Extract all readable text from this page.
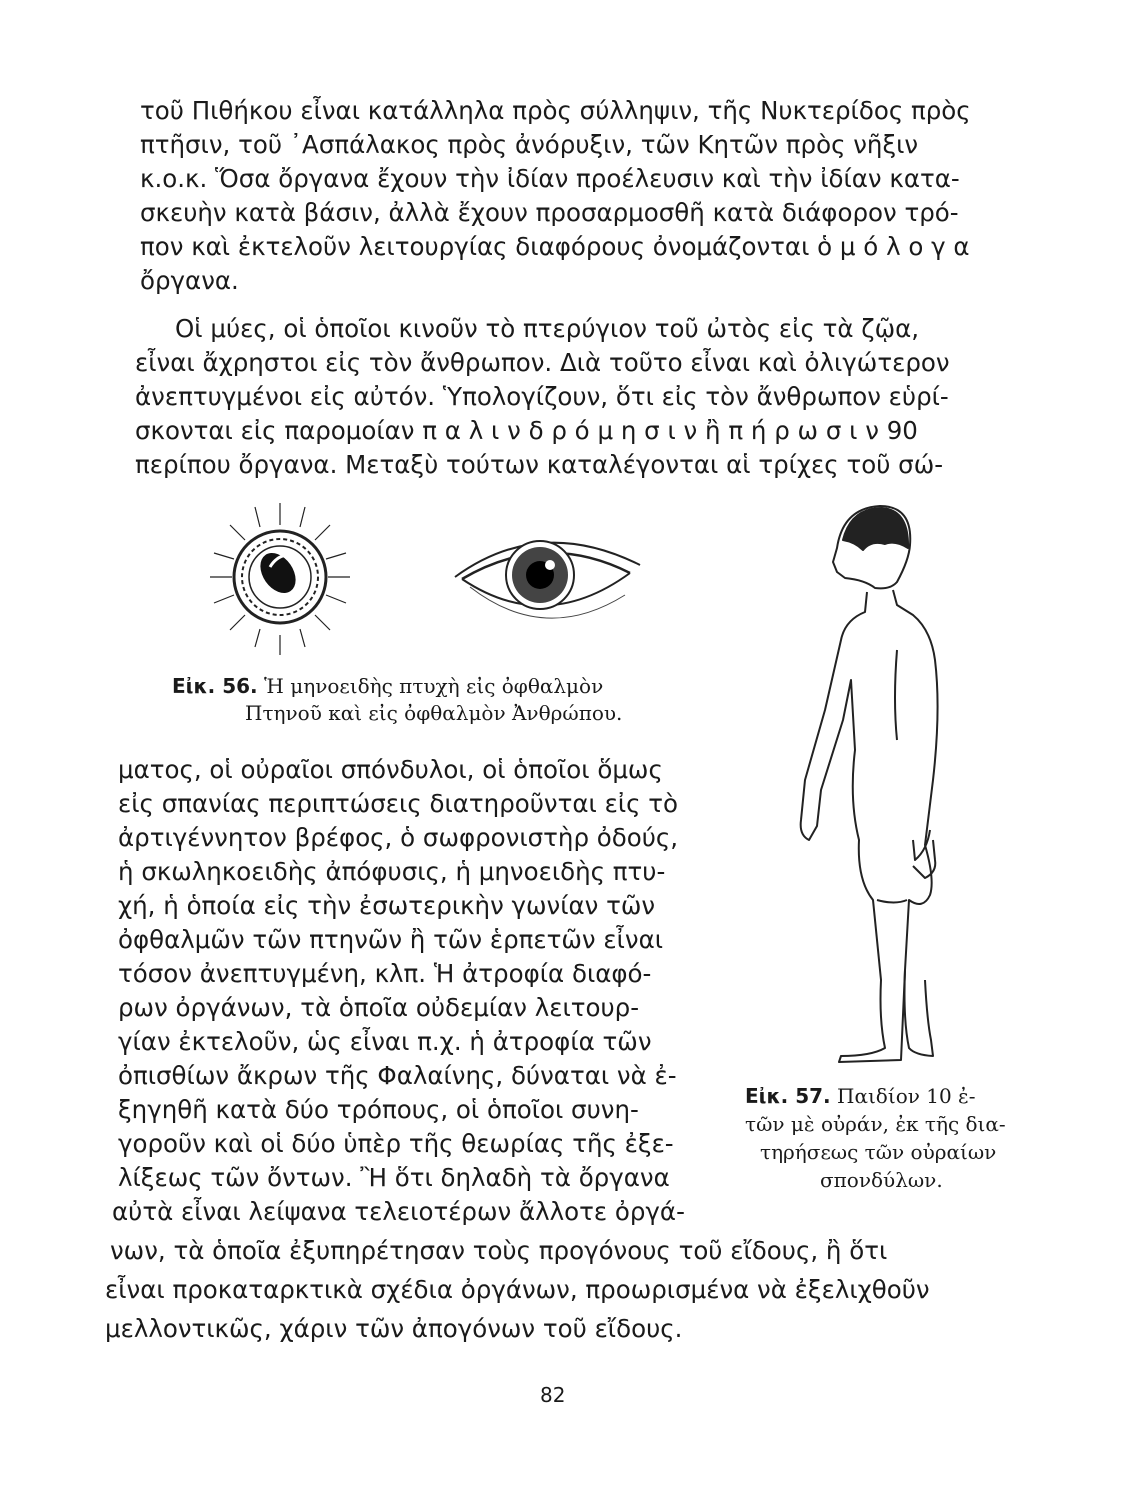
τοῦ Πιθήκου εἶναι κατάλληλα πρὸς σύλληψιν, τῆς Νυκτερίδος πρὸς
πτῆσιν, τοῦ ᾿Ασπάλακος πρὸς ἀνόρυξιν, τῶν Κητῶν πρὸς νῆξιν
κ.ο.κ. Ὅσα ὄργανα ἔχουν τὴν ἰδίαν προέλευσιν καὶ τὴν ἰδίαν κατα-
σκευὴν κατὰ βάσιν, ἀλλὰ ἔχουν προσαρμοσθῆ κατὰ διάφορον τρό-
πον καὶ ἐκτελοῦν λειτουργίας διαφόρους ὀνομάζονται ὁ μ ό λ ο γ α
ὄργανα.
Οἱ μύες, οἱ ὁποῖοι κινοῦν τὸ πτερύγιον τοῦ ὠτὸς εἰς τὰ ζῷα,
εἶναι ἄχρηστοι εἰς τὸν ἄνθρωπον. Διὰ τοῦτο εἶναι καὶ ὀλιγώτερον
ἀνεπτυγμένοι εἰς αὐτόν. Ὑπολογίζουν, ὅτι εἰς τὸν ἄνθρωπον εὑρί-
σκονται εἰς παρομοίαν π α λ ι ν δ ρ ό μ η σ ι ν ἢ π ή ρ ω σ ι ν 90
περίπου ὄργανα. Μεταξὺ τούτων καταλέγονται αἱ τρίχες τοῦ σώ-
Εἰκ. 56. Ἡ μηνοειδὴς πτυχὴ εἰς ὀφθαλμὸν
Πτηνοῦ καὶ εἰς ὀφθαλμὸν Ἀνθρώπου.
Εἰκ. 57. Παιδίον 10 ἐ-
τῶν μὲ οὐράν, ἐκ τῆς δια-
τηρήσεως τῶν οὐραίων
σπονδύλων.
ματος, οἱ οὐραῖοι σπόνδυλοι, οἱ ὁποῖοι ὅμως
εἰς σπανίας περιπτώσεις διατηροῦνται εἰς τὸ
ἀρτιγέννητον βρέφος, ὁ σωφρονιστὴρ ὀδούς,
ἡ σκωληκοειδὴς ἀπόφυσις, ἡ μηνοειδὴς πτυ-
χή, ἡ ὁποία εἰς τὴν ἐσωτερικὴν γωνίαν τῶν
ὀφθαλμῶν τῶν πτηνῶν ἢ τῶν ἑρπετῶν εἶναι
τόσον ἀνεπτυγμένη, κλπ. Ἡ ἀτροφία διαφό-
ρων ὀργάνων, τὰ ὁποῖα οὐδεμίαν λειτουρ-
γίαν ἐκτελοῦν, ὡς εἶναι π.χ. ἡ ἀτροφία τῶν
ὀπισθίων ἄκρων τῆς Φαλαίνης, δύναται νὰ ἐ-
ξηγηθῆ κατὰ δύο τρόπους, οἱ ὁποῖοι συνη-
γοροῦν καὶ οἱ δύο ὑπὲρ τῆς θεωρίας τῆς ἐξε-
λίξεως τῶν ὄντων. Ἢ ὅτι δηλαδὴ τὰ ὄργανα
αὐτὰ εἶναι λείψανα τελειοτέρων ἄλλοτε ὀργά-
νων, τὰ ὁποῖα ἐξυπηρέτησαν τοὺς προγόνους τοῦ εἴδους, ἢ ὅτι
εἶναι προκαταρκτικὰ σχέδια ὀργάνων, προωρισμένα νὰ ἐξελιχθοῦν
μελλοντικῶς, χάριν τῶν ἀπογόνων τοῦ εἴδους.
82
